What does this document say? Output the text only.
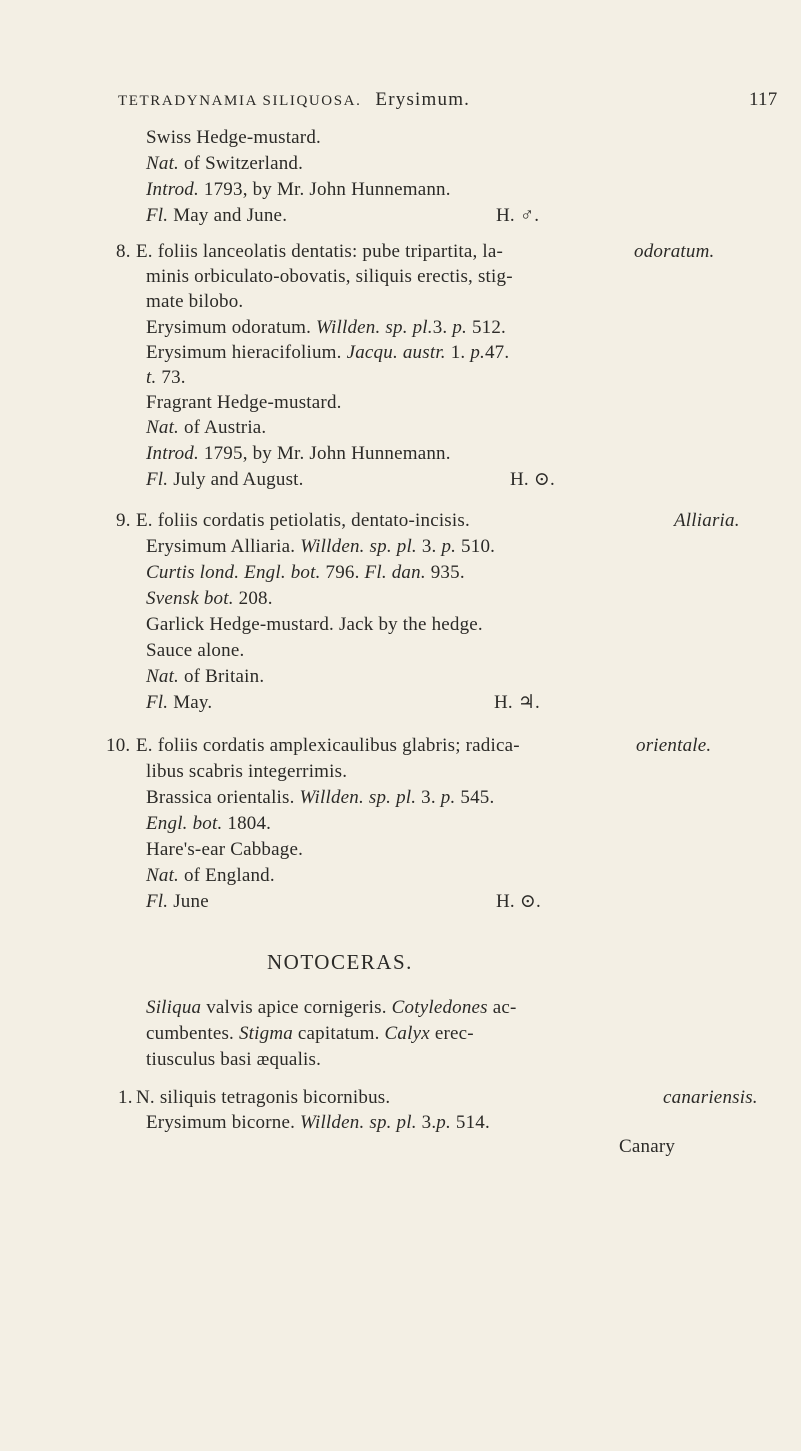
TETRADYNAMIA SILIQUOSA. Erysimum.	117
Swiss Hedge-mustard.
Nat. of Switzerland.
Introd. 1793, by Mr. John Hunnemann.
Fl. May and June.	H. ♂.
8. E. foliis lanceolatis dentatis: pube tripartita, la-	odoratum.
minis orbiculato-obovatis, siliquis erectis, stig-
mate bilobo.
Erysimum odoratum. Willden. sp. pl.3. p. 512.
Erysimum hieracifolium. Jacqu. austr. 1. p.47.
t. 73.
Fragrant Hedge-mustard.
Nat. of Austria.
Introd. 1795, by Mr. John Hunnemann.
Fl. July and August.	H. ⊙.
9. E. foliis cordatis petiolatis, dentato-incisis.	Alliaria.
Erysimum Alliaria. Willden. sp. pl. 3. p. 510.
Curtis lond. Engl. bot. 796. Fl. dan. 935.
Svensk bot. 208.
Garlick Hedge-mustard. Jack by the hedge.
Sauce alone.
Nat. of Britain.
Fl. May.	H. ♃.
10. E. foliis cordatis amplexicaulibus glabris; radica-	orientale.
libus scabris integerrimis.
Brassica orientalis. Willden. sp. pl. 3. p. 545.
Engl. bot. 1804.
Hare's-ear Cabbage.
Nat. of England.
Fl. June	H. ⊙.
NOTOCERAS.
Siliqua valvis apice cornigeris. Cotyledones ac-
cumbentes. Stigma capitatum. Calyx erec-
tiusculus basi æqualis.
1. N. siliquis tetragonis bicornibus.	canariensis.
Erysimum bicorne. Willden. sp. pl. 3.p. 514.
Canary
